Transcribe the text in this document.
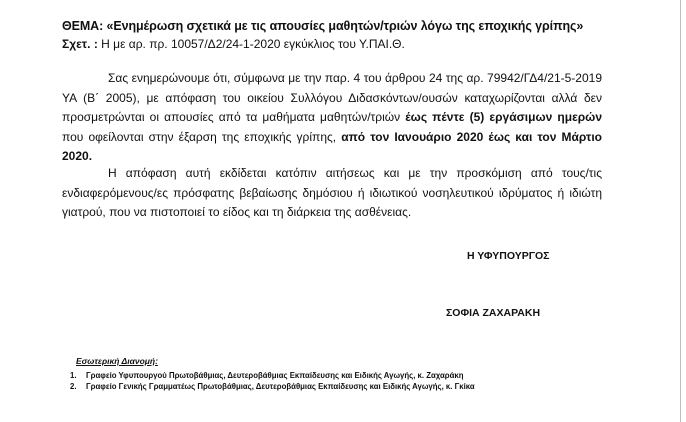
ΘΕΜΑ: «Ενημέρωση σχετικά με τις απουσίες μαθητών/τριών λόγω της εποχικής γρίπης»
Σχετ. : Η με αρ. πρ. 10057/Δ2/24-1-2020 εγκύκλιος του Υ.ΠΑΙ.Θ.
Σας ενημερώνουμε ότι, σύμφωνα με την παρ. 4 του άρθρου 24 της αρ. 79942/ΓΔ4/21-5-2019 ΥΑ (Β΄ 2005), με απόφαση του οικείου Συλλόγου Διδασκόντων/ουσών καταχωρίζονται αλλά δεν προσμετρώνται οι απουσίες από τα μαθήματα μαθητών/τριών έως πέντε (5) εργάσιμων ημερών που οφείλονται στην έξαρση της εποχικής γρίπης, από τον Ιανουάριο 2020 έως και τον Μάρτιο 2020.
Η απόφαση αυτή εκδίδεται κατόπιν αιτήσεως και με την προσκόμιση από τους/τις ενδιαφερόμενους/ες πρόσφατης βεβαίωσης δημόσιου ή ιδιωτικού νοσηλευτικού ιδρύματος ή ιδιώτη γιατρού, που να πιστοποιεί το είδος και τη διάρκεια της ασθένειας.
Η ΥΦΥΠΟΥΡΓΟΣ
ΣΟΦΙΑ ΖΑΧΑΡΑΚΗ
Εσωτερική Διανομή:
1. Γραφείο Υφυπουργού Πρωτοβάθμιας, Δευτεροβάθμιας Εκπαίδευσης και Ειδικής Αγωγής, κ. Ζαχαράκη
2. Γραφείο Γενικής Γραμματέως Πρωτοβάθμιας, Δευτεροβάθμιας Εκπαίδευσης και Ειδικής Αγωγής, κ. Γκίκα
